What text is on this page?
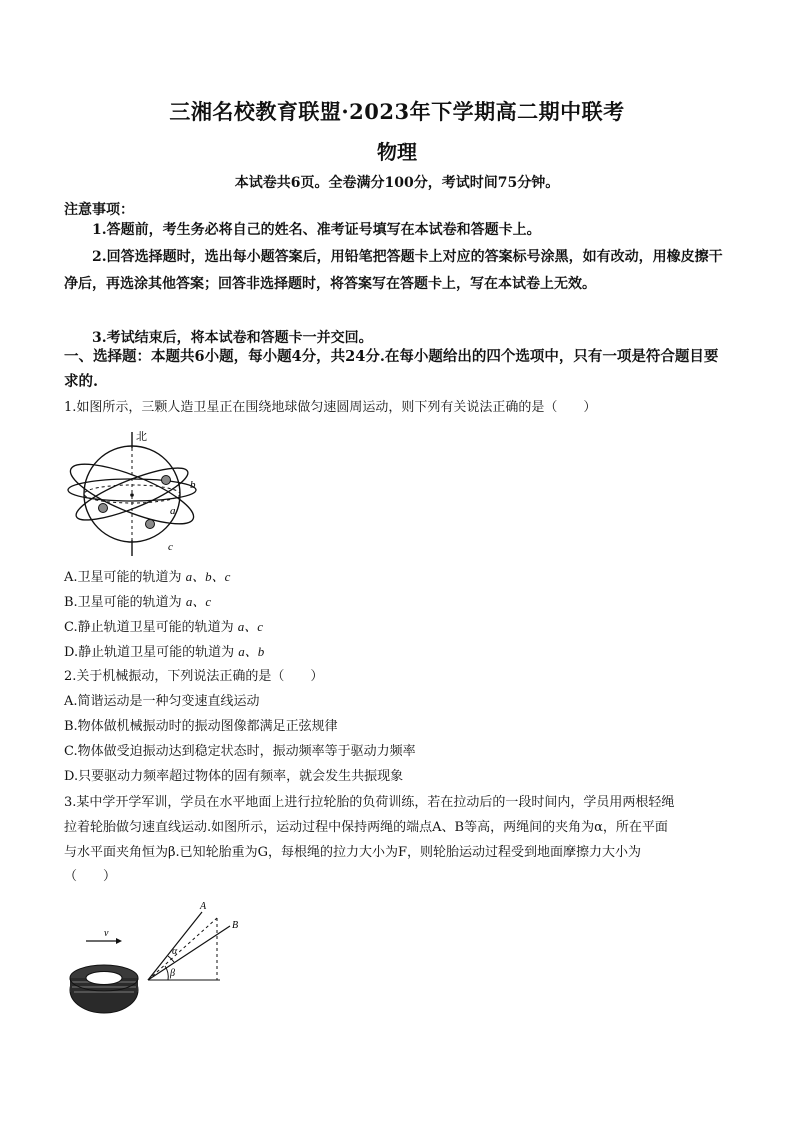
三湘名校教育联盟·2023年下学期高二期中联考
物理
本试卷共6页。全卷满分100分，考试时间75分钟。
注意事项：
1.答题前，考生务必将自己的姓名、准考证号填写在本试卷和答题卡上。
2.回答选择题时，选出每小题答案后，用铅笔把答题卡上对应的答案标号涂黑，如有改动，用橡皮擦干净后，再选涂其他答案；回答非选择题时，将答案写在答题卡上，写在本试卷上无效。
3.考试结束后，将本试卷和答题卡一并交回。
一、选择题：本题共6小题，每小题4分，共24分.在每小题给出的四个选项中，只有一项是符合题目要求的.
1.如图所示，三颗人造卫星正在围绕地球做匀速圆周运动，则下列有关说法正确的是（　　）
北
b
a
c
A.卫星可能的轨道为 a、b、c
B.卫星可能的轨道为 a、c
C.静止轨道卫星可能的轨道为 a、c
D.静止轨道卫星可能的轨道为 a、b
2.关于机械振动，下列说法正确的是（　　）
A.简谐运动是一种匀变速直线运动
B.物体做机械振动时的振动图像都满足正弦规律
C.物体做受迫振动达到稳定状态时，振动频率等于驱动力频率
D.只要驱动力频率超过物体的固有频率，就会发生共振现象
3.某中学开学军训，学员在水平地面上进行拉轮胎的负荷训练，若在拉动后的一段时间内，学员用两根轻绳
拉着轮胎做匀速直线运动.如图所示，运动过程中保持两绳的端点A、B等高，两绳间的夹角为α，所在平面
与水平面夹角恒为β.已知轮胎重为G，每根绳的拉力大小为F，则轮胎运动过程受到地面摩擦力大小为
（　　）
v
A
B
α
β
